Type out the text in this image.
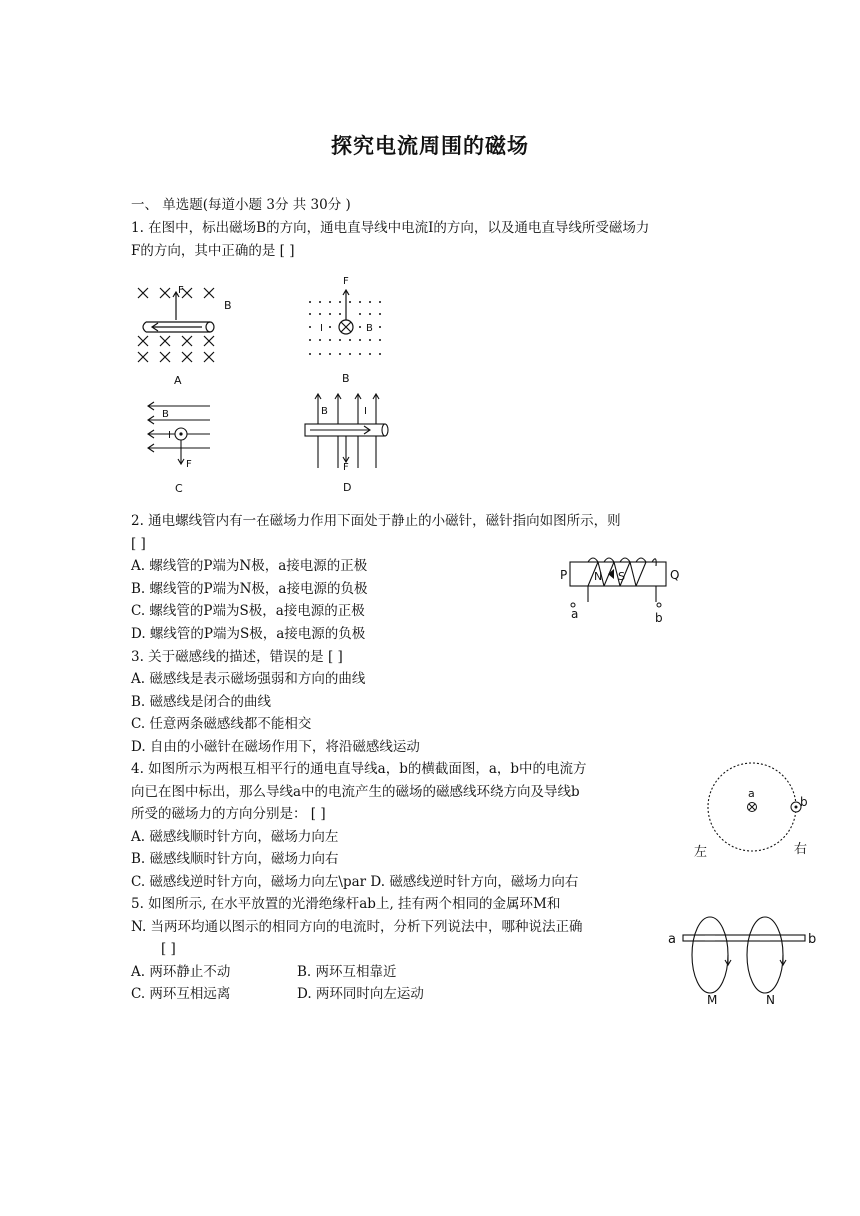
探究电流周围的磁场
一、 单选题(每道小题 3分 共 30分 )
1. 在图中，标出磁场B的方向，通电直导线中电流I的方向，以及通电直导线所受磁场力
F的方向，其中正确的是 [ ]
F
B
A
F
I	B
B
B
I
F
C
B	I
F
D
2. 通电螺线管内有一在磁场力作用下面处于静止的小磁针，磁针指向如图所示，则
[ ]
A. 螺线管的P端为N极，a接电源的正极
B. 螺线管的P端为N极，a接电源的负极
C. 螺线管的P端为S极，a接电源的正极
D. 螺线管的P端为S极，a接电源的负极
P	Q
N S
a	b
3. 关于磁感线的描述，错误的是 [ ]
A. 磁感线是表示磁场强弱和方向的曲线
B. 磁感线是闭合的曲线
C. 任意两条磁感线都不能相交
D. 自由的小磁针在磁场作用下，将沿磁感线运动
4. 如图所示为两根互相平行的通电直导线a，b的横截面图，a，b中的电流方
向已在图中标出，那么导线a中的电流产生的磁场的磁感线环绕方向及导线b
所受的磁场力的方向分别是： [ ]
A. 磁感线顺时针方向，磁场力向左
B. 磁感线顺时针方向，磁场力向右
C. 磁感线逆时针方向，磁场力向左\par D. 磁感线逆时针方向，磁场力向右
a
b
左	右
5. 如图所示, 在水平放置的光滑绝缘杆ab上, 挂有两个相同的金属环M和
N. 当两环均通以图示的相同方向的电流时，分析下列说法中，哪种说法正确
[ ]
A. 两环静止不动	B. 两环互相靠近
C. 两环互相远离	D. 两环同时向左运动
a	b
M	N
